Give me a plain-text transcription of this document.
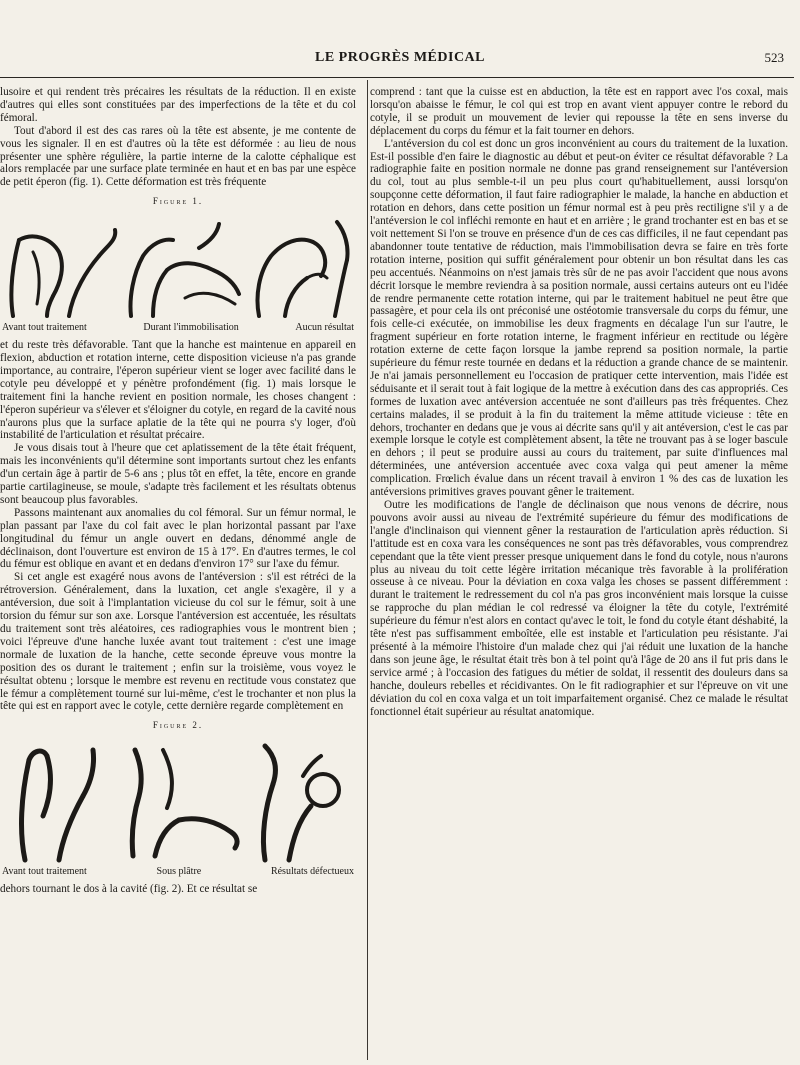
LE PROGRÈS MÉDICAL	523

lusoire et qui rendent très précaires les résultats de la réduction. Il en existe d'autres qui elles sont constituées par des imperfections de la tête et du col fémoral.

Tout d'abord il est des cas rares où la tête est absente, je me contente de vous les signaler. Il en est d'autres où la tête est déformée : au lieu de nous présenter une sphère régulière, la partie interne de la calotte céphalique est alors remplacée par une surface plate terminée en haut et en bas par une espèce de petit éperon (fig. 1). Cette déformation est très fréquente

Figure 1.
Avant tout traitement	Durant l'immobilisation	Aucun résultat

et du reste très défavorable. Tant que la hanche est maintenue en appareil en flexion, abduction et rotation interne, cette disposition vicieuse n'a pas grande importance, au contraire, l'éperon supérieur vient se loger avec facilité dans le cotyle peu développé et y pénètre profondément (fig. 1) mais lorsque le traitement fini la hanche revient en position normale, les choses changent : l'éperon supérieur va s'élever et s'éloigner du cotyle, en regard de la cavité nous n'aurons plus que la surface aplatie de la tête qui ne pourra s'y loger, d'où instabilité de l'articulation et résultat précaire.

Je vous disais tout à l'heure que cet aplatissement de la tête était fréquent, mais les inconvénients qu'il détermine sont importants surtout chez les enfants d'un certain âge à partir de 5-6 ans ; plus tôt en effet, la tête, encore en grande partie cartilagineuse, se moule, s'adapte très facilement et les résultats obtenus sont beaucoup plus favorables.

Passons maintenant aux anomalies du col fémoral. Sur un fémur normal, le plan passant par l'axe du col fait avec le plan horizontal passant par l'axe longitudinal du fémur un angle ouvert en dedans, dénommé angle de déclinaison, dont l'ouverture est environ de 15 à 17°. En d'autres termes, le col du fémur est oblique en avant et en dedans d'environ 17° sur l'axe du fémur.

Si cet angle est exagéré nous avons de l'antéversion : s'il est rétréci de la rétroversion. Généralement, dans la luxation, cet angle s'exagère, il y a antéversion, due soit à l'implantation vicieuse du col sur le fémur, soit à une torsion du fémur sur son axe. Lorsque l'antéversion est accentuée, les résultats du traitement sont très aléatoires, ces radiographies vous le montrent bien ; voici l'épreuve d'une hanche luxée avant tout traitement : c'est une image normale de luxation de la hanche, cette seconde épreuve vous montre la position des os durant le traitement ; enfin sur la troisième, vous voyez le résultat obtenu ; lorsque le membre est revenu en rectitude vous constatez que le fémur a complètement tourné sur lui-même, c'est le trochanter et non plus la tête qui est en rapport avec le cotyle, cette dernière regarde complètement en

Figure 2.
Avant tout traitement	Sous plâtre	Résultats défectueux

dehors tournant le dos à la cavité (fig. 2). Et ce résultat se

comprend : tant que la cuisse est en abduction, la tête est en rapport avec l'os coxal, mais lorsqu'on abaisse le fémur, le col qui est trop en avant vient appuyer contre le rebord du cotyle, il se produit un mouvement de levier qui repousse la tête en sens inverse du déplacement du corps du fémur et la fait tourner en dehors.

L'antéversion du col est donc un gros inconvénient au cours du traitement de la luxation. Est-il possible d'en faire le diagnostic au début et peut-on éviter ce résultat défavorable ? La radiographie faite en position normale ne donne pas grand renseignement sur l'antéversion du col, tout au plus semble-t-il un peu plus court qu'habituellement, aussi lorsqu'on soupçonne cette déformation, il faut faire radiographier le malade, la hanche en abduction et rotation en dehors, dans cette position un fémur normal est à peu près rectiligne s'il y a de l'antéversion le col infléchi remonte en haut et en arrière ; le grand trochanter est en bas et se voit nettement Si l'on se trouve en présence d'un de ces cas difficiles, il ne faut cependant pas abandonner toute tentative de réduction, mais l'immobilisation devra se faire en très forte rotation interne, position qui suffit généralement pour obtenir un bon résultat dans les cas peu accentués. Néanmoins on n'est jamais très sûr de ne pas avoir l'accident que nous avons décrit lorsque le membre reviendra à sa position normale, aussi certains auteurs ont eu l'idée de rendre permanente cette rotation interne, qui par le traitement habituel ne peut être que passagère, et pour cela ils ont préconisé une ostéotomie transversale du corps du fémur, une fois celle-ci exécutée, on immobilise les deux fragments en décalage l'un sur l'autre, le fragment supérieur en forte rotation interne, le fragment inférieur en rectitude ou légère rotation externe de cette façon lorsque la jambe reprend sa position normale, la partie supérieure du fémur reste tournée en dedans et la réduction a grande chance de se maintenir. Je n'ai jamais personnellement eu l'occasion de pratiquer cette intervention, mais l'idée est séduisante et il serait tout à fait logique de la mettre à exécution dans des cas appropriés. Ces formes de luxation avec antéversion accentuée ne sont d'ailleurs pas très fréquentes. Chez certains malades, il se produit à la fin du traitement la même attitude vicieuse : tête en dehors, trochanter en dedans que je vous ai décrite sans qu'il y ait antéversion, c'est le cas par exemple lorsque le cotyle est complètement absent, la tête ne trouvant pas à se loger bascule en dehors ; il peut se produire aussi au cours du traitement, par suite d'influences mal déterminées, une antéversion accentuée avec coxa valga qui peut amener la même complication. Frœlich évalue dans un récent travail à environ 1 % des cas de luxation les antéversions primitives graves pouvant gêner le traitement.

Outre les modifications de l'angle de déclinaison que nous venons de décrire, nous pouvons avoir aussi au niveau de l'extrémité supérieure du fémur des modifications de l'angle d'inclinaison qui viennent gêner la restauration de l'articulation après réduction. Si l'attitude est en coxa vara les conséquences ne sont pas très défavorables, vous comprendrez cependant que la tête vient presser presque uniquement dans le fond du cotyle, nous n'aurons plus au niveau du toit cette légère irritation mécanique très favorable à la prolifération osseuse à ce niveau. Pour la déviation en coxa valga les choses se passent différemment : durant le traitement le redressement du col n'a pas gros inconvénient mais lorsque la cuisse se rapproche du plan médian le col redressé va éloigner la tête du cotyle, l'extrémité supérieure du fémur n'est alors en contact qu'avec le toit, le fond du cotyle étant déshabité, la tête n'est pas suffisamment emboîtée, elle est instable et l'articulation peu résistante. J'ai présenté à la mémoire l'histoire d'un malade chez qui j'ai réduit une luxation de la hanche dans son jeune âge, le résultat était très bon à tel point qu'à l'âge de 20 ans il fut pris dans le service armé ; à l'occasion des fatigues du métier de soldat, il ressentit des douleurs dans sa hanche, douleurs rebelles et récidivantes. On le fit radiographier et sur l'épreuve on vit une déviation du col en coxa valga et un toit imparfaitement organisé. Chez ce malade le résultat fonctionnel était supérieur au résultat anatomique.
